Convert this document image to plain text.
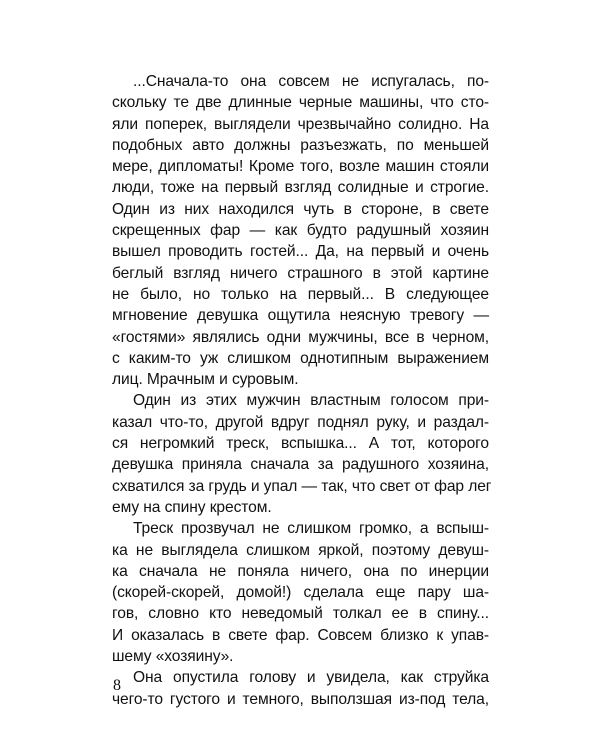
...Сначала-то она совсем не испугалась, по-
скольку те две длинные черные машины, что сто-
яли поперек, выглядели чрезвычайно солидно. На
подобных авто должны разъезжать, по меньшей
мере, дипломаты! Кроме того, возле машин стояли
люди, тоже на первый взгляд солидные и строгие.
Один из них находился чуть в стороне, в свете
скрещенных фар — как будто радушный хозяин
вышел проводить гостей... Да, на первый и очень
беглый взгляд ничего страшного в этой картине
не было, но только на первый... В следующее
мгновение девушка ощутила неясную тревогу —
«гостями» являлись одни мужчины, все в черном,
с каким-то уж слишком однотипным выражением
лиц. Мрачным и суровым.
Один из этих мужчин властным голосом при-
казал что-то, другой вдруг поднял руку, и раздал-
ся негромкий треск, вспышка... А тот, которого
девушка приняла сначала за радушного хозяина,
схватился за грудь и упал — так, что свет от фар лег
ему на спину крестом.
Треск прозвучал не слишком громко, а вспыш-
ка не выглядела слишком яркой, поэтому девуш-
ка сначала не поняла ничего, она по инерции
(скорей-скорей, домой!) сделала еще пару ша-
гов, словно кто неведомый толкал ее в спину...
И оказалась в свете фар. Совсем близко к упав-
шему «хозяину».
Она опустила голову и увидела, как струйка
чего-то густого и темного, выползшая из-под тела,
8
